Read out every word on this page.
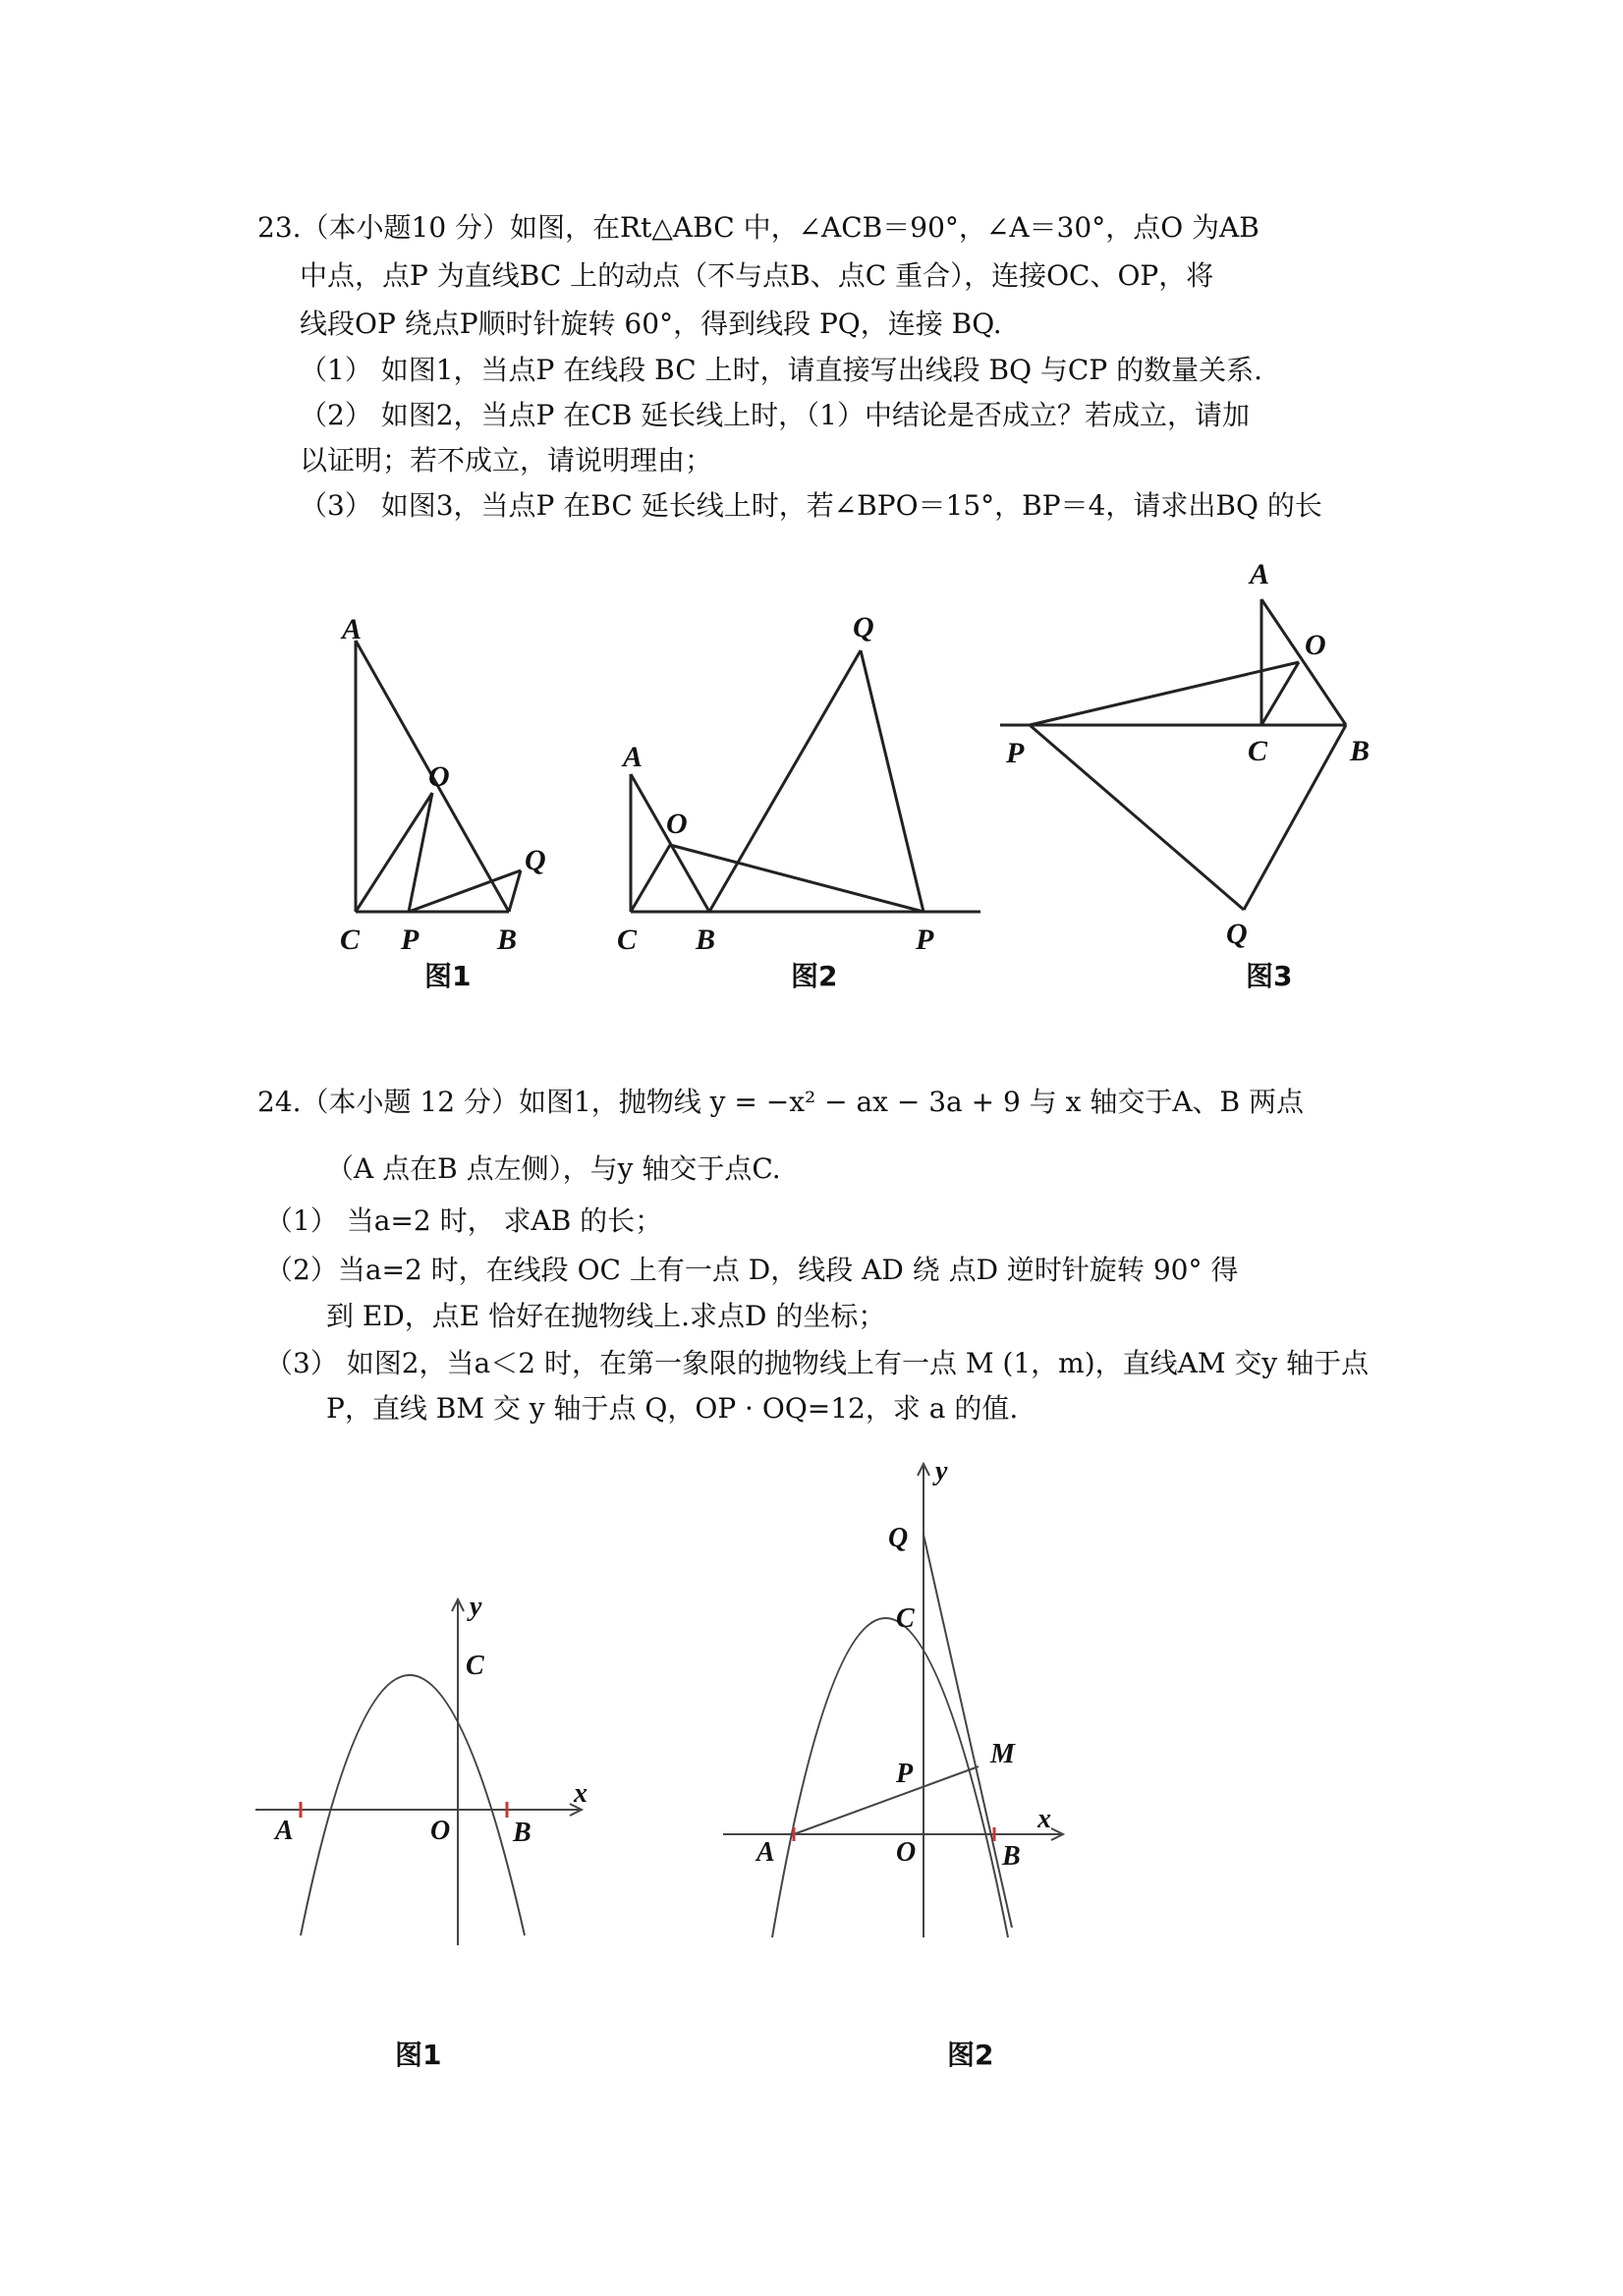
23.（本小题10 分）如图，在Rt△ABC 中，∠ACB＝90°，∠A＝30°，点O 为AB
中点，点P 为直线BC 上的动点（不与点B、点C 重合），连接OC、OP，将
线段OP 绕点P顺时针旋转 60°，得到线段 PQ，连接 BQ.
（1） 如图1，当点P 在线段 BC 上时，请直接写出线段 BQ 与CP 的数量关系.
（2） 如图2，当点P 在CB 延长线上时，（1）中结论是否成立？若成立，请加
以证明；若不成立，请说明理由；
（3） 如图3，当点P 在BC 延长线上时，若∠BPO＝15°，BP＝4，请求出BQ 的长
A
O
Q
C P	B
图1
A
O
Q
C B	P
图2
A
O
P	C	B
Q
图3
24.（本小题 12 分）如图1，抛物线 y = −x² − ax − 3a + 9 与 x 轴交于A、B 两点
（A 点在B 点左侧），与y 轴交于点C.
（1） 当a=2 时， 求AB 的长；
（2）当a=2 时，在线段 OC 上有一点 D，线段 AD 绕 点D 逆时针旋转 90° 得
到 ED，点E 恰好在抛物线上.求点D 的坐标；
（3） 如图2，当a＜2 时，在第一象限的抛物线上有一点 M (1，m)，直线AM 交y 轴于点
P，直线 BM 交 y 轴于点 Q，OP · OQ=12，求 a 的值.
y
x
C
A	O B
图1
y
x
Q
C
M
P
A	O	B
图2
